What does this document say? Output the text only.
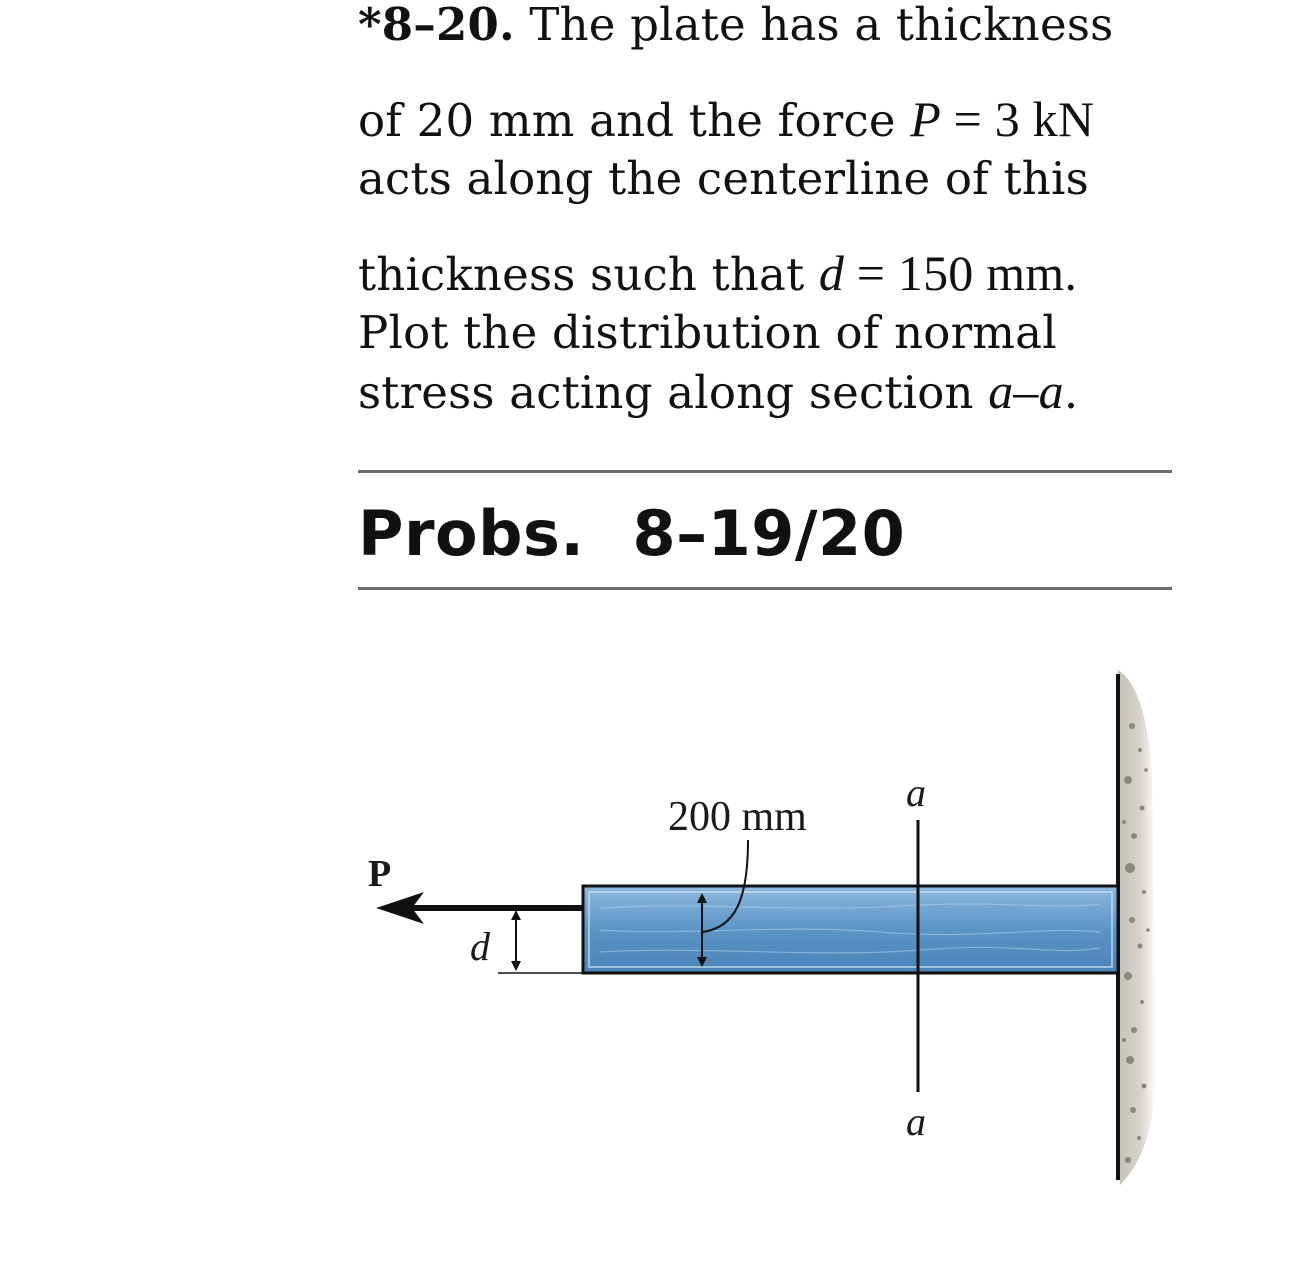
*8–20. The plate has a thickness
of 20 mm and the force P = 3 kN
acts along the centerline of this
thickness such that d = 150 mm.
Plot the distribution of normal
stress acting along section a–a.
Probs. 8–19/20
P
d
200 mm
a
a
